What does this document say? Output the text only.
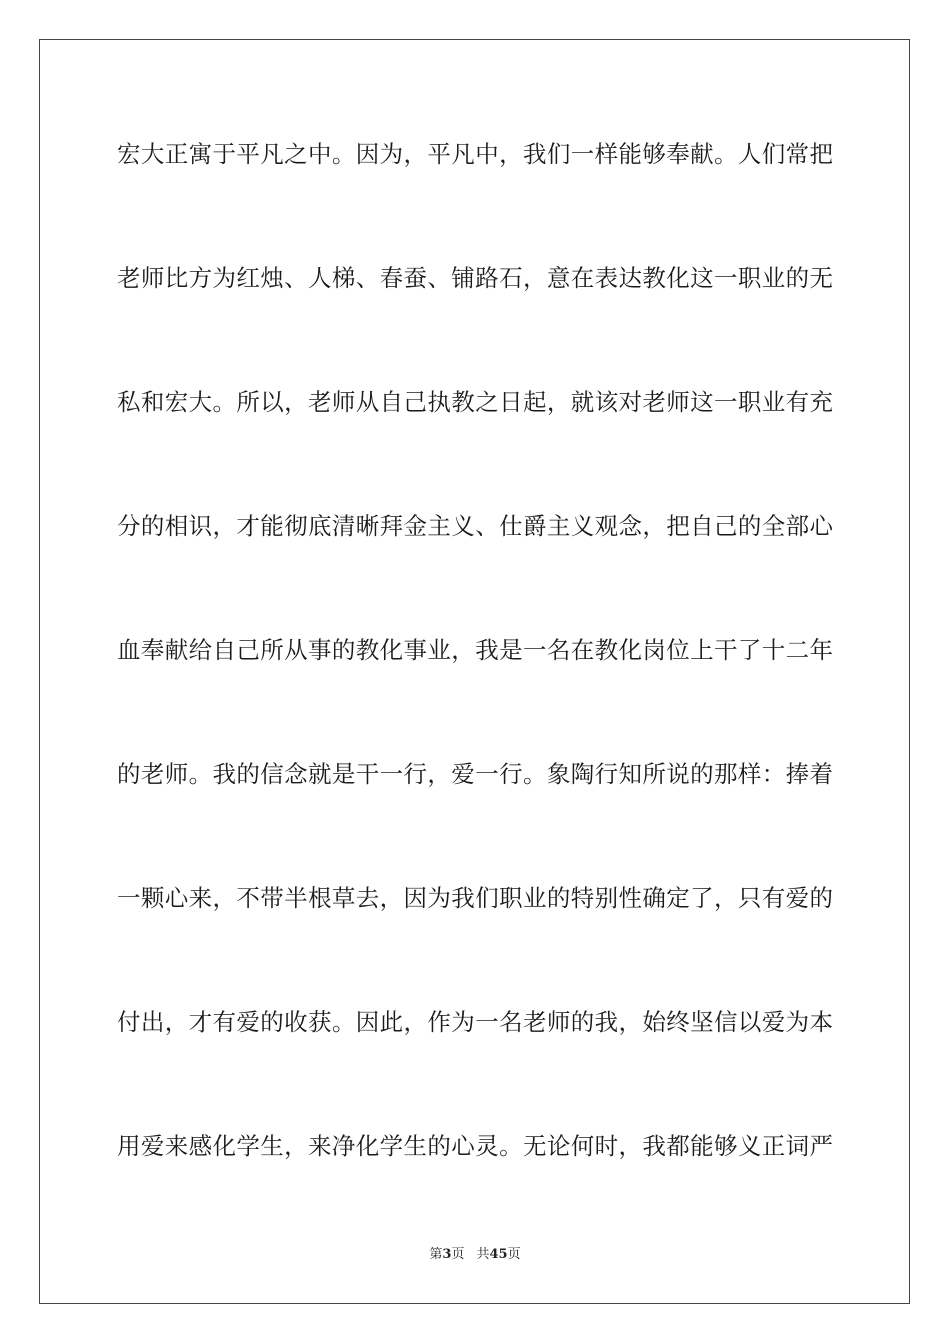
宏大正寓于平凡之中。因为，平凡中，我们一样能够奉献。人们常把
老师比方为红烛、人梯、春蚕、铺路石，意在表达教化这一职业的无
私和宏大。所以，老师从自己执教之日起，就该对老师这一职业有充
分的相识，才能彻底清晰拜金主义、仕爵主义观念，把自己的全部心
血奉献给自己所从事的教化事业，我是一名在教化岗位上干了十二年
的老师。我的信念就是干一行，爱一行。象陶行知所说的那样：捧着
一颗心来，不带半根草去，因为我们职业的特别性确定了，只有爱的
付出，才有爱的收获。因此，作为一名老师的我，始终坚信以爱为本
用爱来感化学生，来净化学生的心灵。无论何时，我都能够义正词严
第3页 共45页
